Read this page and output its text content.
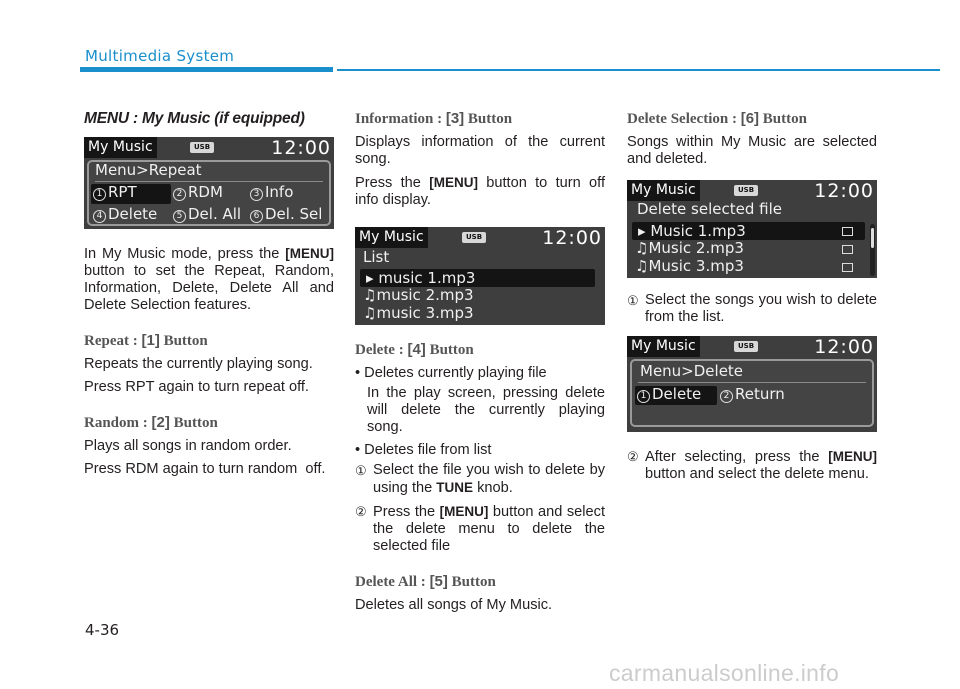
Multimedia System
MENU : My Music (if equipped)
My Music	USB	12:00
Menu>Repeat
1 RPT	2 RDM	3 Info
4 Delete	5 Del. All	6 Del. Sel

In My Music mode, press the [MENU] button to set the Repeat, Random, Information, Delete, Delete All and Delete Selection features.

Repeat : [1] Button

Repeats the currently playing song.

Press RPT again to turn repeat off.

Random : [2] Button

Plays all songs in random order.

Press RDM again to turn random  off.

Information : [3] Button

Displays information of the current song.

Press the [MENU] button to turn off info display.

My Music	USB	12:00
List
▸ music 1.mp3
♫music 2.mp3
♫music 3.mp3
Delete : [4] Button
• Deletes currently playing file
In the play screen, pressing delete will delete the currently playing song.
• Deletes file from list
① Select the file you wish to delete by using the TUNE knob.
② Press the [MENU] button and select the delete menu to delete the selected file
Delete All : [5] Button

Deletes all songs of My Music.

Delete Selection : [6] Button

Songs within My Music are selected and deleted.

My Music	USB	12:00
Delete selected file
▸ Music 1.mp3
♫Music 2.mp3
♫Music 3.mp3
① Select the songs you wish to delete from the list.
My Music	USB	12:00
Menu>Delete
1 Delete	2 Return
② After selecting, press the [MENU] button and select the delete menu.
4-36
carmanualsonline.info
